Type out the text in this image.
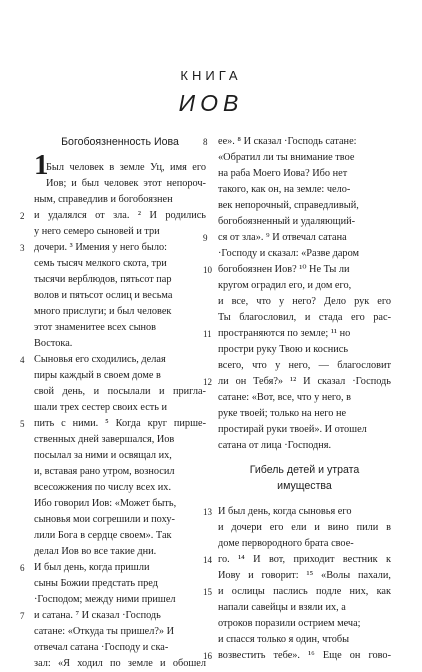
КНИГА
ИОВ
1
Богобоязненность Иова
Был человек в земле Уц, имя его
Иов; и был человек этот непороч-
ным, справедлив и богобоязнен
2 и удалялся от зла. ² И родились
у него семеро сыновей и три
3 дочери. ³ Имения у него было:
семь тысяч мелкого скота, три
тысячи верблюдов, пятьсот пар
волов и пятьсот ослиц и весьма
много прислуги; и был человек
этот знаменитее всех сынов
Востока.
4 Сыновья его сходились, делая
пиры каждый в своем доме в
свой день, и посылали и пригла-
шали трех сестер своих есть и
5 пить с ними. ⁵ Когда круг пирше-
ственных дней завершался, Иов
посылал за ними и освящал их,
и, вставая рано утром, возносил
всесожжения по числу всех их.
Ибо говорил Иов: «Может быть,
сыновья мои согрешили и поху-
лили Бога в сердце своем». Так
делал Иов во все такие дни.
6 И был день, когда пришли
сыны Божии предстать пред
·Господом; между ними пришел
7 и сатана. ⁷ И сказал ·Господь
сатане: «Откуда ты пришел?» И
отвечал сатана ·Господу и ска-
зал: «Я ходил по земле и обошел
8 ее». ⁸ И сказал ·Господь сатане:
«Обратил ли ты внимание твое
на раба Моего Иова? Ибо нет
такого, как он, на земле: чело-
век непорочный, справедливый,
богобоязненный и удаляющий-
9 ся от зла». ⁹ И отвечал сатана
·Господу и сказал: «Разве даром
10 богобоязнен Иов? ¹⁰ Не Ты ли
кругом оградил его, и дом его,
и все, что у него? Дело рук его
Ты благословил, и стада его рас-
11 пространяются по земле; ¹¹ но
простри руку Твою и коснись
всего, что у него, — благословит
12 ли он Тебя?» ¹² И сказал ·Господь
сатане: «Вот, все, что у него, в
руке твоей; только на него не
простирай руки твоей». И отошел
сатана от лица ·Господня.
Гибель детей и утрата
имущества
13 И был день, когда сыновья его
и дочери его ели и вино пили в
доме первородного брата свое-
14 го. ¹⁴ И вот, приходит вестник к
Иову и говорит: ¹⁵ «Волы пахали,
15 и ослицы паслись подле них, как
напали савейцы и взяли их, а
отроков поразили острием меча;
и спасся только я один, чтобы
16 возвестить тебе». ¹⁶ Еще он гово-
